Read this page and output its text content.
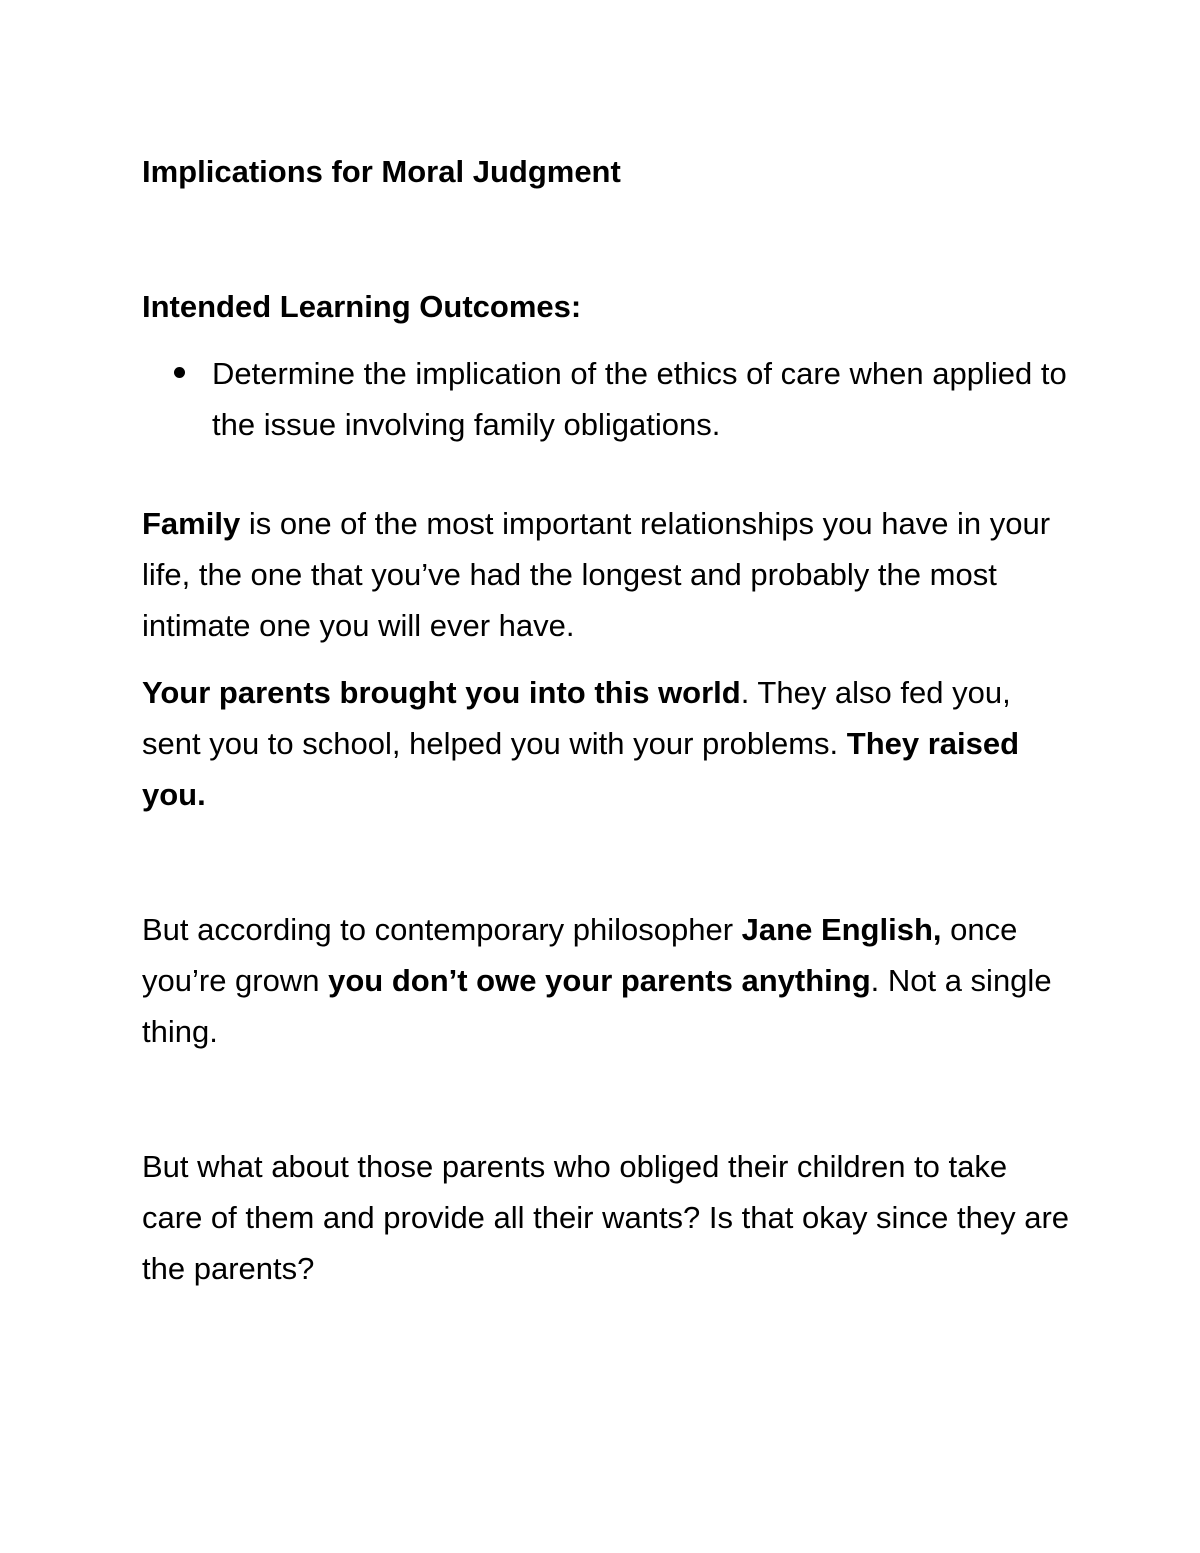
Implications for Moral Judgment

Intended Learning Outcomes:

Determine the implication of the ethics of care when applied to the issue involving family obligations.

Family is one of the most important relationships you have in your life, the one that you’ve had the longest and probably the most intimate one you will ever have.

Your parents brought you into this world. They also fed you, sent you to school, helped you with your problems. They raised you.

But according to contemporary philosopher Jane English, once you’re grown you don’t owe your parents anything. Not a single thing.

But what about those parents who obliged their children to take care of them and provide all their wants? Is that okay since they are the parents?
